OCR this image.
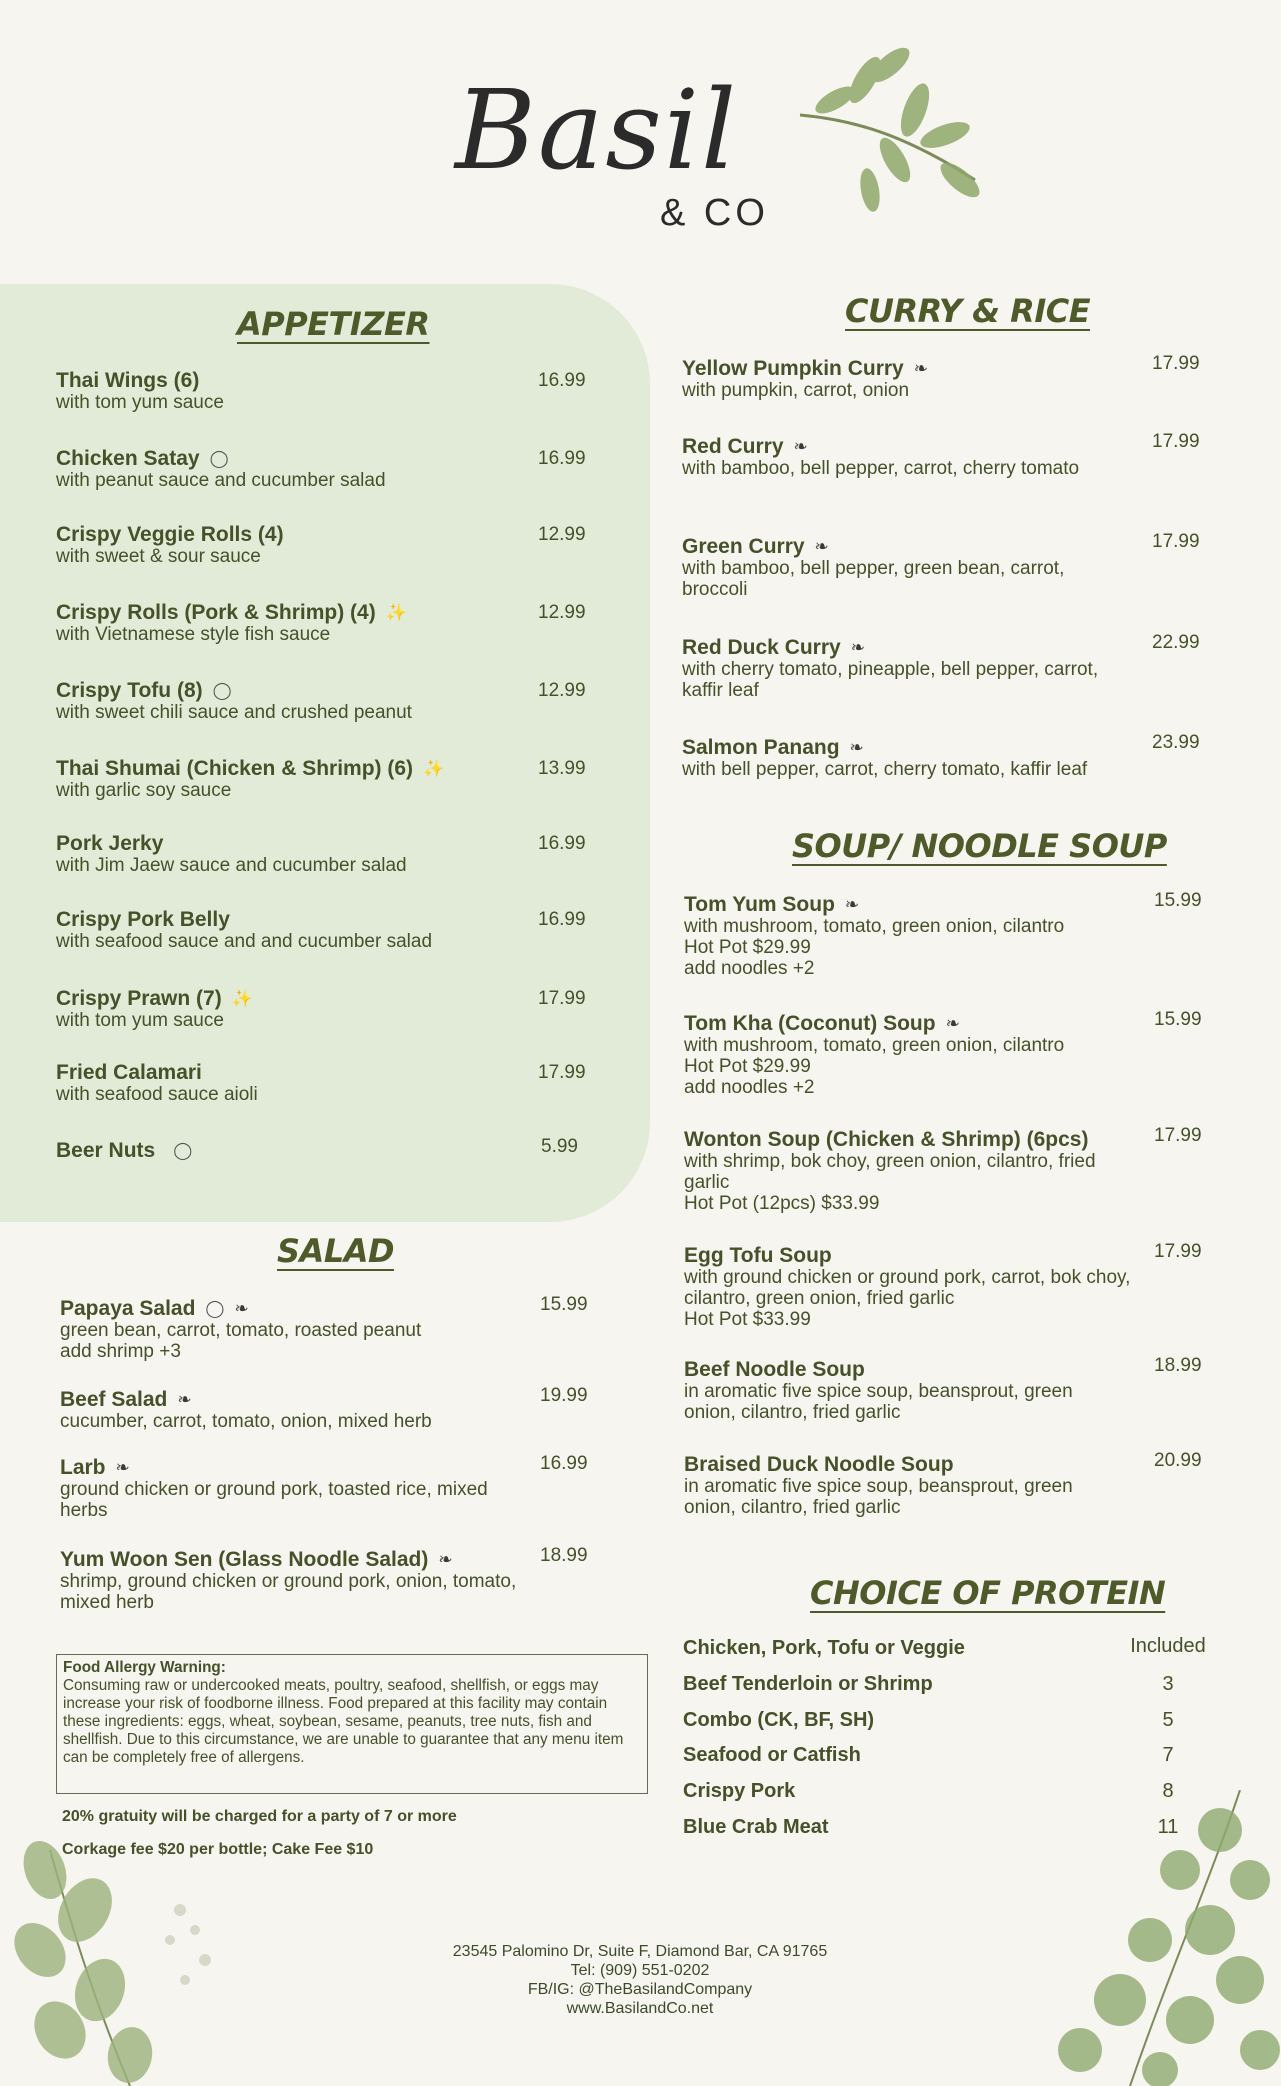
Basil
& CO
APPETIZER	CURRY & RICE
SOUP/ NOODLE SOUP
SALAD
CHOICE OF PROTEIN
Thai Wings (6)
with tom yum sauce
16.99
Chicken Satay ◯
with peanut sauce and cucumber salad
16.99
Crispy Veggie Rolls (4)
with sweet & sour sauce
12.99
Crispy Rolls (Pork & Shrimp) (4) ✨
with Vietnamese style fish sauce
12.99
Crispy Tofu (8) ◯
with sweet chili sauce and crushed peanut
12.99
Thai Shumai (Chicken & Shrimp) (6) ✨
with garlic soy sauce
13.99
Pork Jerky
with Jim Jaew sauce and cucumber salad
16.99
Crispy Pork Belly
with seafood sauce and and cucumber salad
16.99
Crispy Prawn (7) ✨
with tom yum sauce
17.99
Fried Calamari
with seafood sauce aioli
17.99
Beer Nuts ◯	5.99
Papaya Salad ◯ ❧
green bean, carrot, tomato, roasted peanut
add shrimp +3
15.99
Beef Salad ❧
cucumber, carrot, tomato, onion, mixed herb
19.99
Larb ❧
ground chicken or ground pork, toasted rice, mixed herbs
16.99
Yum Woon Sen (Glass Noodle Salad) ❧
shrimp, ground chicken or ground pork, onion, tomato, mixed herb
18.99
Food Allergy Warning:
Consuming raw or undercooked meats, poultry, seafood, shellfish, or eggs may increase your risk of foodborne illness. Food prepared at this facility may contain these ingredients: eggs, wheat, soybean, sesame, peanuts, tree nuts, fish and shellfish. Due to this circumstance, we are unable to guarantee that any menu item can be completely free of allergens.
20% gratuity will be charged for a party of 7 or more
Corkage fee $20 per bottle; Cake Fee $10
Yellow Pumpkin Curry ❧
with pumpkin, carrot, onion
17.99
Red Curry ❧
with bamboo, bell pepper, carrot, cherry tomato
17.99
Green Curry ❧
with bamboo, bell pepper, green bean, carrot, broccoli
17.99
Red Duck Curry ❧
with cherry tomato, pineapple, bell pepper, carrot, kaffir leaf
22.99
Salmon Panang ❧
with bell pepper, carrot, cherry tomato, kaffir leaf
23.99
Tom Yum Soup ❧
with mushroom, tomato, green onion, cilantro
Hot Pot $29.99
add noodles +2
15.99
Tom Kha (Coconut) Soup ❧
with mushroom, tomato, green onion, cilantro
Hot Pot $29.99
add noodles +2
15.99
Wonton Soup (Chicken & Shrimp) (6pcs)
with shrimp, bok choy, green onion, cilantro, fried garlic
Hot Pot (12pcs) $33.99
17.99
Egg Tofu Soup
with ground chicken or ground pork, carrot, bok choy, cilantro, green onion, fried garlic
Hot Pot $33.99
17.99
Beef Noodle Soup
in aromatic five spice soup, beansprout, green onion, cilantro, fried garlic
18.99
Braised Duck Noodle Soup
in aromatic five spice soup, beansprout, green onion, cilantro, fried garlic
20.99
Chicken, Pork, Tofu or Veggie	Included
Beef Tenderloin or Shrimp	3
Combo (CK, BF, SH)	5
Seafood or Catfish	7
Crispy Pork	8
Blue Crab Meat	11
23545 Palomino Dr, Suite F, Diamond Bar, CA 91765
Tel: (909) 551-0202
FB/IG: @TheBasilandCompany
www.BasilandCo.net
